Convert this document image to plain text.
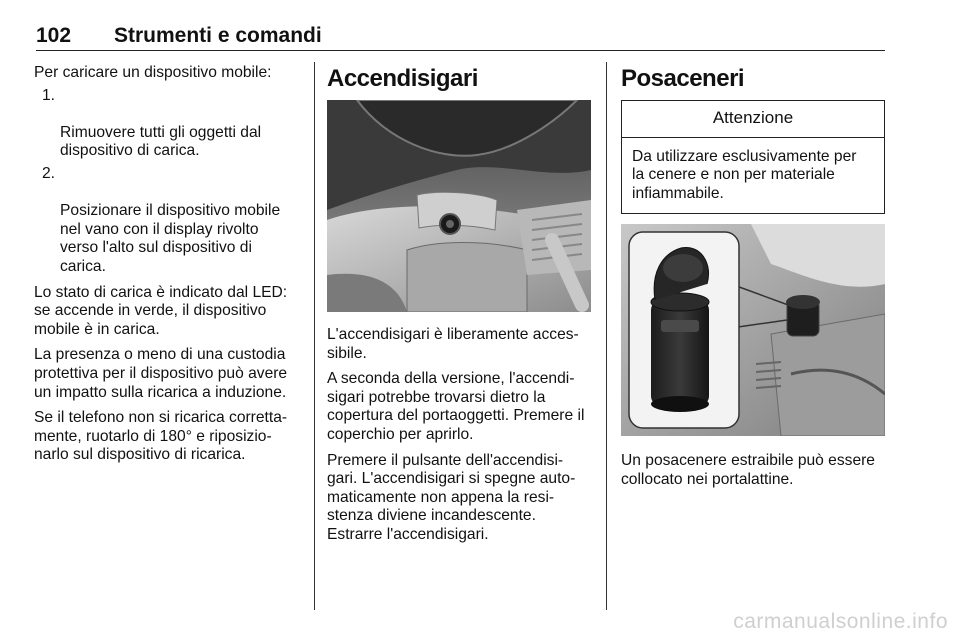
102 Strumenti e comandi

Per caricare un dispositivo mobile:

1.

Rimuovere tutti gli oggetti dal
dispositivo di carica.

2.

Posizionare il dispositivo mobile
nel vano con il display rivolto
verso l'alto sul dispositivo di
carica.

Lo stato di carica è indicato dal LED:
se accende in verde, il dispositivo
mobile è in carica.

La presenza o meno di una custodia
protettiva per il dispositivo può avere
un impatto sulla ricarica a induzione.

Se il telefono non si ricarica corretta-
mente, ruotarlo di 180° e riposizio-
narlo sul dispositivo di ricarica.

Accendisigari

L'accendisigari è liberamente acces-
sibile.

A seconda della versione, l'accendi-
sigari potrebbe trovarsi dietro la
copertura del portaoggetti. Premere il
coperchio per aprirlo.

Premere il pulsante dell'accendisi-
gari. L'accendisigari si spegne auto-
maticamente non appena la resi-
stenza diviene incandescente.
Estrarre l'accendisigari.

Posaceneri
Attenzione
Da utilizzare esclusivamente per
la cenere e non per materiale
infiammabile.

Un posacenere estraibile può essere
collocato nei portalattine.

carmanualsonline.info
